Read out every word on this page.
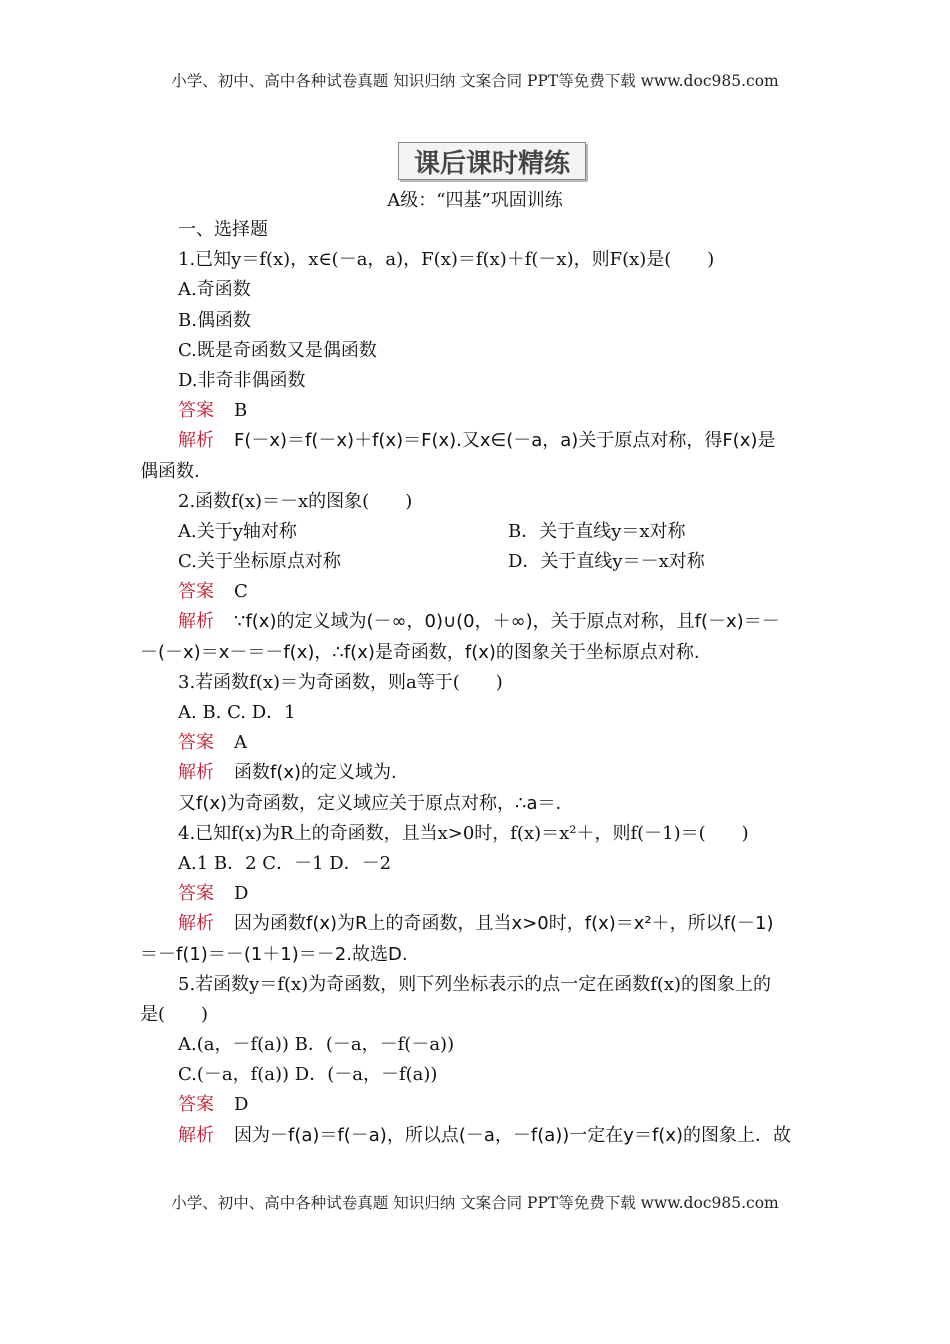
小学、初中、高中各种试卷真题 知识归纳 文案合同 PPT等免费下载 www.doc985.com
课后课时精练
A级：“四基”巩固训练
一、选择题
1.已知y＝f(x)，x∈(－a，a)，F(x)＝f(x)＋f(－x)，则F(x)是(　　)
A.奇函数
B.偶函数
C.既是奇函数又是偶函数
D.非奇非偶函数
答案 B
解析 F(－x)＝f(－x)＋f(x)＝F(x).又x∈(－a，a)关于原点对称，得F(x)是
偶函数.
2.函数f(x)＝－x的图象(　　)
A.关于y轴对称	B．关于直线y＝x对称
C.关于坐标原点对称	D．关于直线y＝－x对称
答案 C
解析 ∵f(x)的定义域为(－∞，0)∪(0，＋∞)，关于原点对称，且f(－x)＝－
－(－x)＝x－＝－f(x)，∴f(x)是奇函数，f(x)的图象关于坐标原点对称.
3.若函数f(x)＝为奇函数，则a等于(　　)
A. B. C. D．1
答案 A
解析 函数f(x)的定义域为.
又f(x)为奇函数，定义域应关于原点对称，∴a＝.
4.已知f(x)为R上的奇函数，且当x>0时，f(x)＝x²＋，则f(－1)＝(　　)
A.1 B．2 C．－1 D．－2
答案 D
解析 因为函数f(x)为R上的奇函数，且当x>0时，f(x)＝x²＋，所以f(－1)
＝－f(1)＝－(1＋1)＝－2.故选D.
5.若函数y＝f(x)为奇函数，则下列坐标表示的点一定在函数f(x)的图象上的
是(　　)
A.(a，－f(a)) B．(－a，－f(－a))
C.(－a，f(a)) D．(－a，－f(a))
答案 D
解析 因为－f(a)＝f(－a)，所以点(－a，－f(a))一定在y＝f(x)的图象上．故
小学、初中、高中各种试卷真题 知识归纳 文案合同 PPT等免费下载 www.doc985.com
